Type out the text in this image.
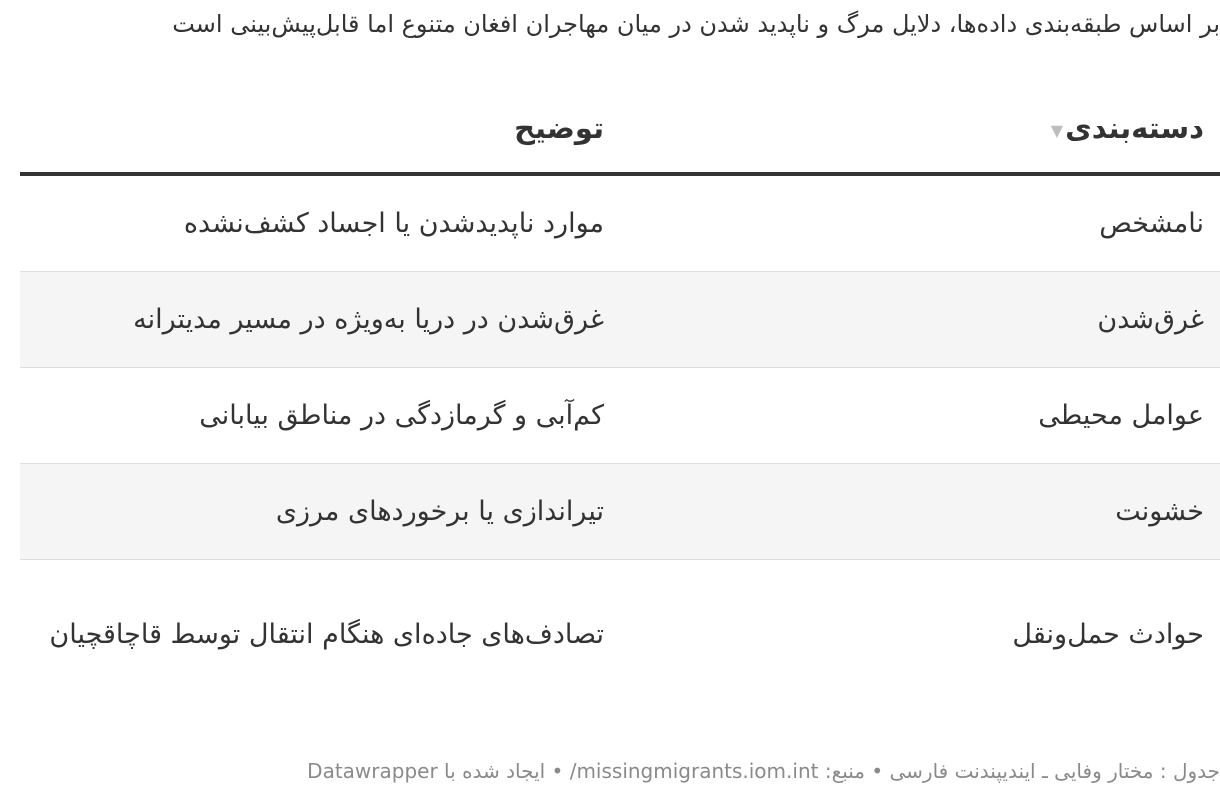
بر اساس طبقه‌بندی داده‌ها، دلایل مرگ و ناپدید شدن در میان مهاجران افغان متنوع اما قابل‌پیش‌بینی است
دسته‌بندی▼	توضیح
نامشخص	موارد ناپدیدشدن یا اجساد کشف‌نشده
غرق‌شدن	غرق‌شدن در دریا به‌ویژه در مسیر مدیترانه
عوامل محیطی	کم‌آبی و گرمازدگی در مناطق بیابانی
خشونت	تیراندازی یا برخوردهای مرزی
حوادث حمل‌ونقل	تصادف‌های جاده‌ای هنگام انتقال توسط قاچاقچیان
جدول : مختار وفایی ـ ایندیپندنت فارسی • منبع: missingmigrants.iom.int/ • ایجاد شده با Datawrapper
